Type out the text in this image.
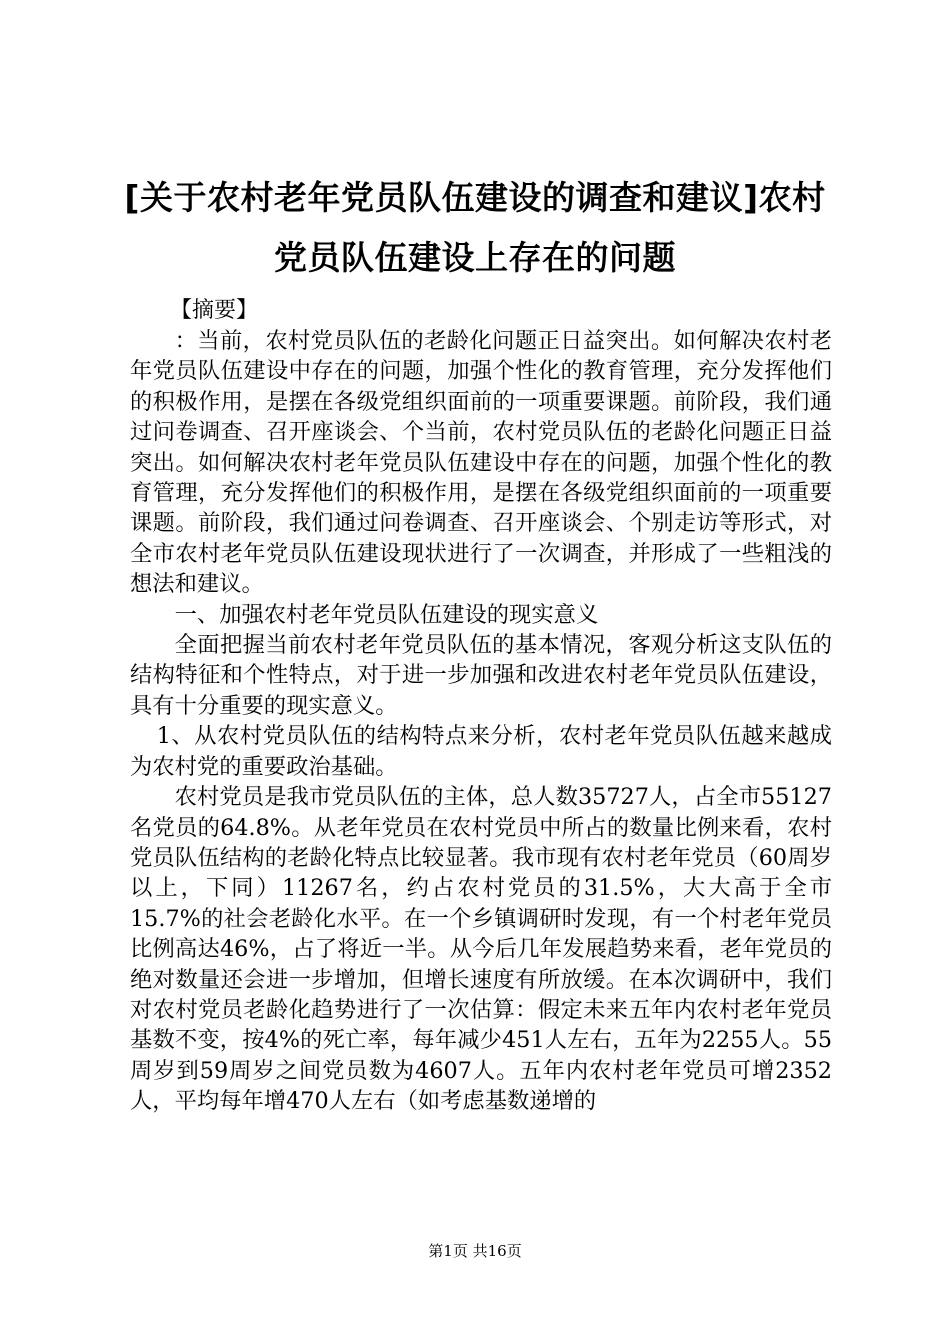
[关于农村老年党员队伍建设的调查和建议]农村党员队伍建设上存在的问题
【摘要】

：当前，农村党员队伍的老龄化问题正日益突出。如何解决农村老年党员队伍建设中存在的问题，加强个性化的教育管理，充分发挥他们的积极作用，是摆在各级党组织面前的一项重要课题。前阶段，我们通过问卷调查、召开座谈会、个当前，农村党员队伍的老龄化问题正日益突出。如何解决农村老年党员队伍建设中存在的问题，加强个性化的教育管理，充分发挥他们的积极作用，是摆在各级党组织面前的一项重要课题。前阶段，我们通过问卷调查、召开座谈会、个别走访等形式，对全市农村老年党员队伍建设现状进行了一次调查，并形成了一些粗浅的想法和建议。

一、加强农村老年党员队伍建设的现实意义

全面把握当前农村老年党员队伍的基本情况，客观分析这支队伍的结构特征和个性特点，对于进一步加强和改进农村老年党员队伍建设，具有十分重要的现实意义。

1、从农村党员队伍的结构特点来分析，农村老年党员队伍越来越成为农村党的重要政治基础。

农村党员是我市党员队伍的主体，总人数35727人，占全市55127名党员的64.8%。从老年党员在农村党员中所占的数量比例来看，农村党员队伍结构的老龄化特点比较显著。我市现有农村老年党员（60周岁以上，下同）11267名，约占农村党员的31.5%，大大高于全市15.7%的社会老龄化水平。在一个乡镇调研时发现，有一个村老年党员比例高达46%，占了将近一半。从今后几年发展趋势来看，老年党员的绝对数量还会进一步增加，但增长速度有所放缓。在本次调研中，我们对农村党员老龄化趋势进行了一次估算：假定未来五年内农村老年党员基数不变，按4%的死亡率，每年减少451人左右，五年为2255人。55周岁到59周岁之间党员数为4607人。五年内农村老年党员可增2352人，平均每年增470人左右（如考虑基数递增的

第1页 共16页
